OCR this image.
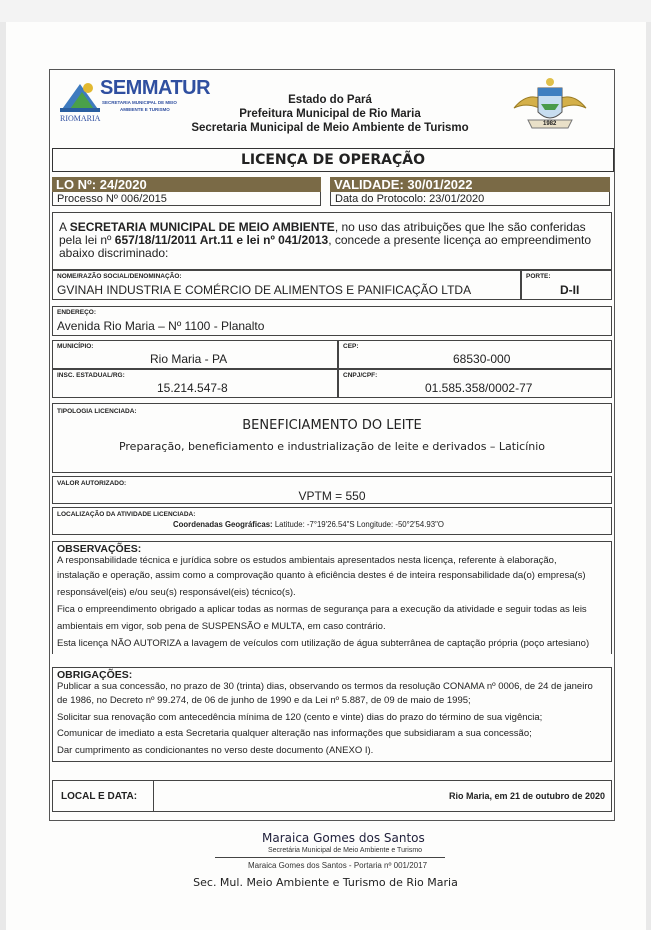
SEMMATUR
SECRETARIA MUNICIPAL DE MEIO
AMBIENTE E TURISMO
RIOMARIA
Estado do Pará
Prefeitura Municipal de Rio Maria
Secretaria Municipal de Meio Ambiente de Turismo	1982
LICENÇA DE OPERAÇÃO
LO Nº: 24/2020
Processo Nº 006/2015
VALIDADE: 30/01/2022
Data do Protocolo: 23/01/2020
A SECRETARIA MUNICIPAL DE MEIO AMBIENTE, no uso das atribuições que lhe são conferidas pela lei nº 657/18/11/2011 Art.11 e lei nº 041/2013, concede a presente licença ao empreendimento abaixo discriminado:
NOME/RAZÃO SOCIAL/DENOMINAÇÃO:
GVINAH INDUSTRIA E COMÉRCIO DE ALIMENTOS E PANIFICAÇÃO LTDA
PORTE:
D-II
ENDEREÇO:
Avenida Rio Maria – Nº 1100 - Planalto
MUNICÍPIO:
Rio Maria - PA
CEP:
68530-000
INSC. ESTADUAL/RG:
15.214.547-8
CNPJ/CPF:
01.585.358/0002-77
TIPOLOGIA LICENCIADA:
BENEFICIAMENTO DO LEITE
Preparação, beneficiamento e industrialização de leite e derivados – Laticínio
VALOR AUTORIZADO:
VPTM = 550
LOCALIZAÇÃO DA ATIVIDADE LICENCIADA:
Coordenadas Geográficas: Latitude: -7°19'26.54"S Longitude: -50°2'54.93"O
OBSERVAÇÕES:
A responsabilidade técnica e jurídica sobre os estudos ambientais apresentados nesta licença, referente à elaboração,
instalação e operação, assim como a comprovação quanto à eficiência destes é de inteira responsabilidade da(o) empresa(s)
responsável(eis) e/ou seu(s) responsável(eis) técnico(s).
Fica o empreendimento obrigado a aplicar todas as normas de segurança para a execução da atividade e seguir todas as leis
ambientais em vigor, sob pena de SUSPENSÃO e MULTA, em caso contrário.
Esta licença NÃO AUTORIZA a lavagem de veículos com utilização de água subterrânea de captação própria (poço artesiano)
OBRIGAÇÕES:
Publicar a sua concessão, no prazo de 30 (trinta) dias, observando os termos da resolução CONAMA nº 0006, de 24 de janeiro
de 1986, no Decreto nº 99.274, de 06 de junho de 1990 e da Lei nº 5.887, de 09 de maio de 1995;
Solicitar sua renovação com antecedência mínima de 120 (cento e vinte) dias do prazo do término de sua vigência;
Comunicar de imediato a esta Secretaria qualquer alteração nas informações que subsidiaram a sua concessão;
Dar cumprimento as condicionantes no verso deste documento (ANEXO I).
LOCAL E DATA:	Rio Maria, em 21 de outubro de 2020
Maraica Gomes dos Santos
Secretária Municipal de Meio Ambiente e Turismo
Maraica Gomes dos Santos - Portaria nº 001/2017
Sec. Mul. Meio Ambiente e Turismo de Rio Maria
